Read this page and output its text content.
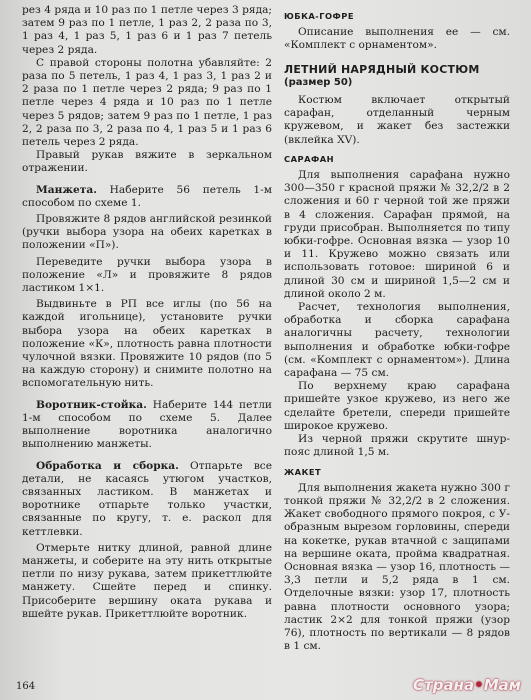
рез 4 ряда и 10 раз по 1 петле через 3 ряда; затем 9 раз по 1 петле, 1 раз 2, 2 раза по 3, 1 раз 4, 1 раз 5, 1 раз 6 и 1 раз 7 петель через 2 ряда.

С правой стороны полотна убавляйте: 2 раза по 5 петель, 1 раз 4, 1 раз 3, 1 раз 2 и 2 раза по 1 петле через 2 ряда; 9 раз по 1 петле через 4 ряда и 10 раз по 1 петле через 5 рядов; затем 9 раз по 1 петле, 1 раз 2, 2 раза по 3, 2 раза по 4, 1 раз 5 и 1 раз 6 петель через 2 ряда.

Правый рукав вяжите в зеркальном отражении.

Манжета. Наберите 56 петель 1-м способом по схеме 1.

Провяжите 8 рядов английской резинкой (ручки выбора узора на обеих каретках в положении «П»).

Переведите ручки выбора узора в положение «Л» и провяжите 8 рядов ластиком 1×1.

Выдвиньте в РП все иглы (по 56 на каждой игольнице), установите ручки выбора узора на обеих каретках в положение «К», плотность равна плотности чулочной вязки. Провяжите 10 рядов (по 5 на каждую сторону) и снимите полотно на вспомогательную нить.

Воротник-стойка. Наберите 144 петли 1-м способом по схеме 5. Далее выполнение воротника аналогично выполнению манжеты.

Обработка и сборка. Отпарьте все детали, не касаясь утюгом участков, связанных ластиком. В манжетах и воротнике отпарьте только участки, связанные по кругу, т. е. раскол для кеттлевки.

Отмерьте нитку длиной, равной длине манжеты, и соберите на эту нить открытые петли по низу рукава, затем прикеттлюйте манжету. Сшейте перед и спинку. Присоберите вершину оката рукава и вшейте рукав. Прикеттлюйте воротник.

164

ЮБКА-ГОФРЕ

Описание выполнения ее — см. «Комплект с орнаментом».

ЛЕТНИЙ НАРЯДНЫЙ КОСТЮМ

(размер 50)

Костюм включает открытый сарафан, отделанный черным кружевом, и жакет без застежки (вклейка XV).

САРАФАН

Для выполнения сарафана нужно 300—350 г красной пряжи № 32,2/2 в 2 сложения и 60 г черной той же пряжи в 4 сложения. Сарафан прямой, на груди присобран. Выполняется по типу юбки-гофре. Основная вязка — узор 10 и 11. Кружево можно связать или использовать готовое: шириной 6 и длиной 30 см и шириной 1,5—2 см и длиной около 2 м.

Расчет, технология выполнения, обработка и сборка сарафана аналогичны расчету, технологии выполнения и обработке юбки-гофре (см. «Комплект с орнаментом»). Длина сарафана — 75 см.

По верхнему краю сарафана пришейте узкое кружево, из него же сделайте бретели, спереди пришейте широкое кружево.

Из черной пряжи скрутите шнур-пояс длиной 1,5 м.

ЖАКЕТ

Для выполнения жакета нужно 300 г тонкой пряжи № 32,2/2 в 2 сложения. Жакет свободного прямого покроя, с У-образным вырезом горловины, спереди на кокетке, рукав втачной с защипами на вершине оката, пройма квадратная. Основная вязка — узор 16, плотность — 3,3 петли и 5,2 ряда в 1 см. Отделочные вязки: узор 17, плотность равна плотности основного узора; ластик 2×2 для тонкой пряжи (узор 76), плотность по вертикали — 8 рядов в 1 см.

Страна•Мам
